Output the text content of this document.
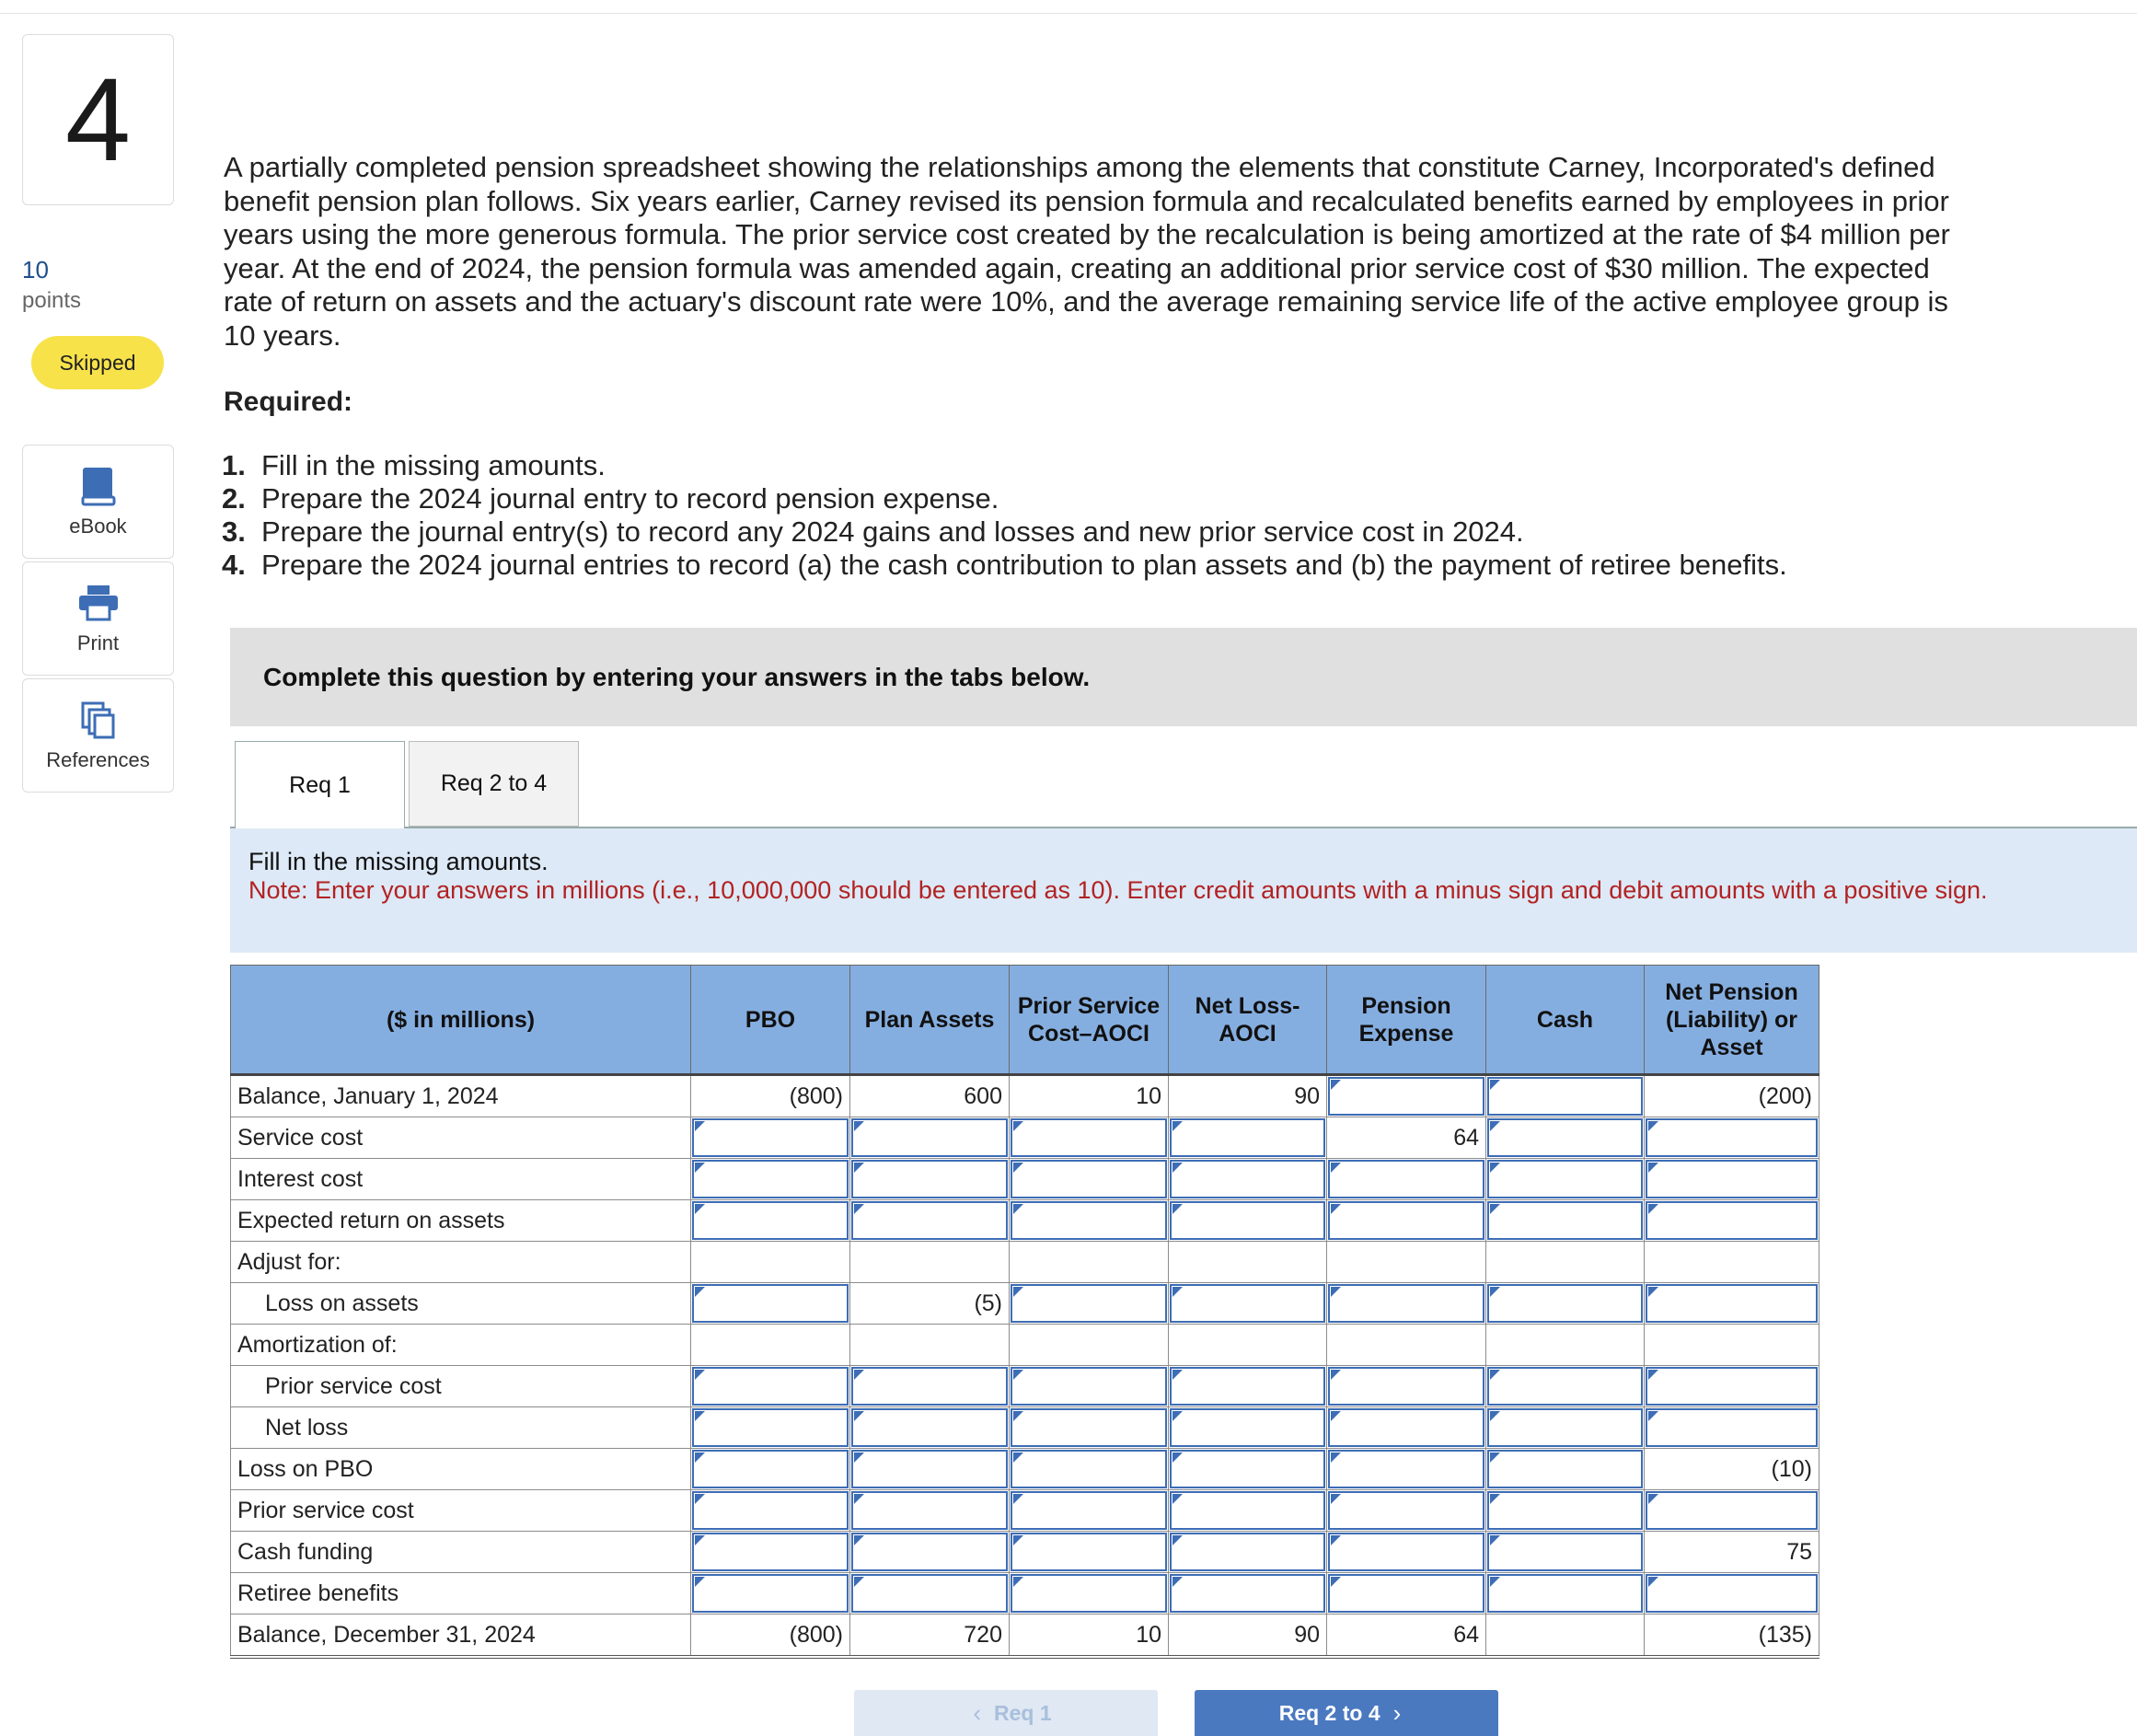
4
10
points
Skipped
eBook
Print
References
A partially completed pension spreadsheet showing the relationships among the elements that constitute Carney, Incorporated's defined benefit pension plan follows. Six years earlier, Carney revised its pension formula and recalculated benefits earned by employees in prior years using the more generous formula. The prior service cost created by the recalculation is being amortized at the rate of $4 million per year. At the end of 2024, the pension formula was amended again, creating an additional prior service cost of $30 million. The expected rate of return on assets and the actuary's discount rate were 10%, and the average remaining service life of the active employee group is 10 years.
Required:
1. Fill in the missing amounts.
2. Prepare the 2024 journal entry to record pension expense.
3. Prepare the journal entry(s) to record any 2024 gains and losses and new prior service cost in 2024.
4. Prepare the 2024 journal entries to record (a) the cash contribution to plan assets and (b) the payment of retiree benefits.
Complete this question by entering your answers in the tabs below.
Req 1	Req 2 to 4
Fill in the missing amounts.
Note: Enter your answers in millions (i.e., 10,000,000 should be entered as 10). Enter credit amounts with a minus sign and debit amounts with a positive sign.
($ in millions)	PBO	Plan Assets	Prior Service Cost–AOCI	Net Loss-AOCI	Pension Expense	Cash	Net Pension (Liability) or Asset
Balance, January 1, 2024	(800)	600	10	90			(200)
Service cost					64	

Interest cost	

Expected return on assets	

Adjust for:							
Loss on assets		(5)	

Amortization of:							
Prior service cost	

Net loss	

Loss on PBO							(10)
Prior service cost	

Cash funding							75
Retiree benefits	

Balance, December 31, 2024	(800)	720	10	90	64		(135)
‹ Req 1	Req 2 to 4 ›
